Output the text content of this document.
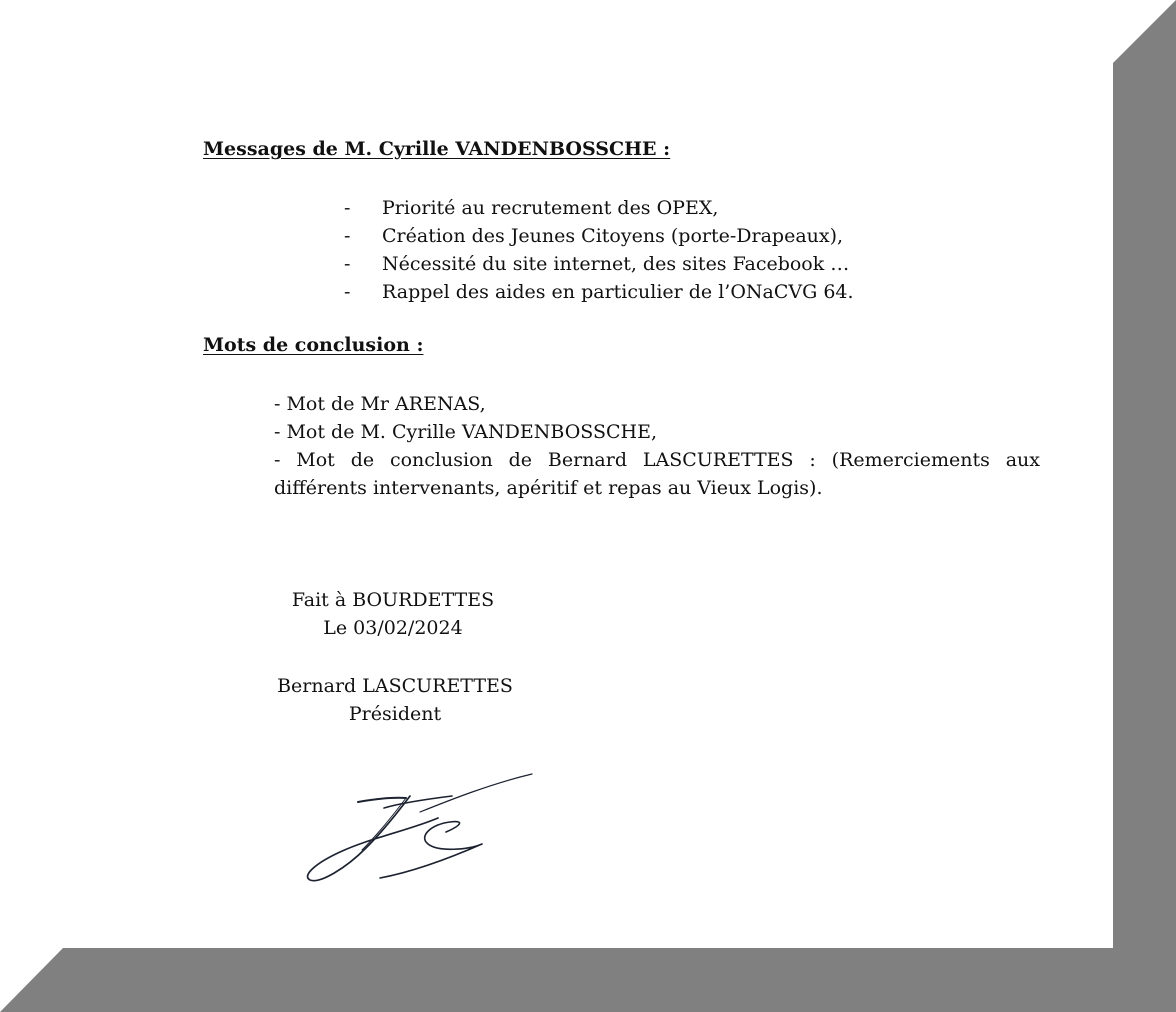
Messages de M. Cyrille VANDENBOSSCHE :
- Priorité au recrutement des OPEX,
- Création des Jeunes Citoyens (porte-Drapeaux),
- Nécessité du site internet, des sites Facebook …
- Rappel des aides en particulier de l’ONaCVG 64.
Mots de conclusion :
- Mot de Mr ARENAS,
- Mot de M. Cyrille VANDENBOSSCHE,
- Mot de conclusion de Bernard LASCURETTES : (Remerciements aux différents intervenants, apéritif et repas au Vieux Logis).
Fait à BOURDETTES
Le 03/02/2024
Bernard LASCURETTES
Président
